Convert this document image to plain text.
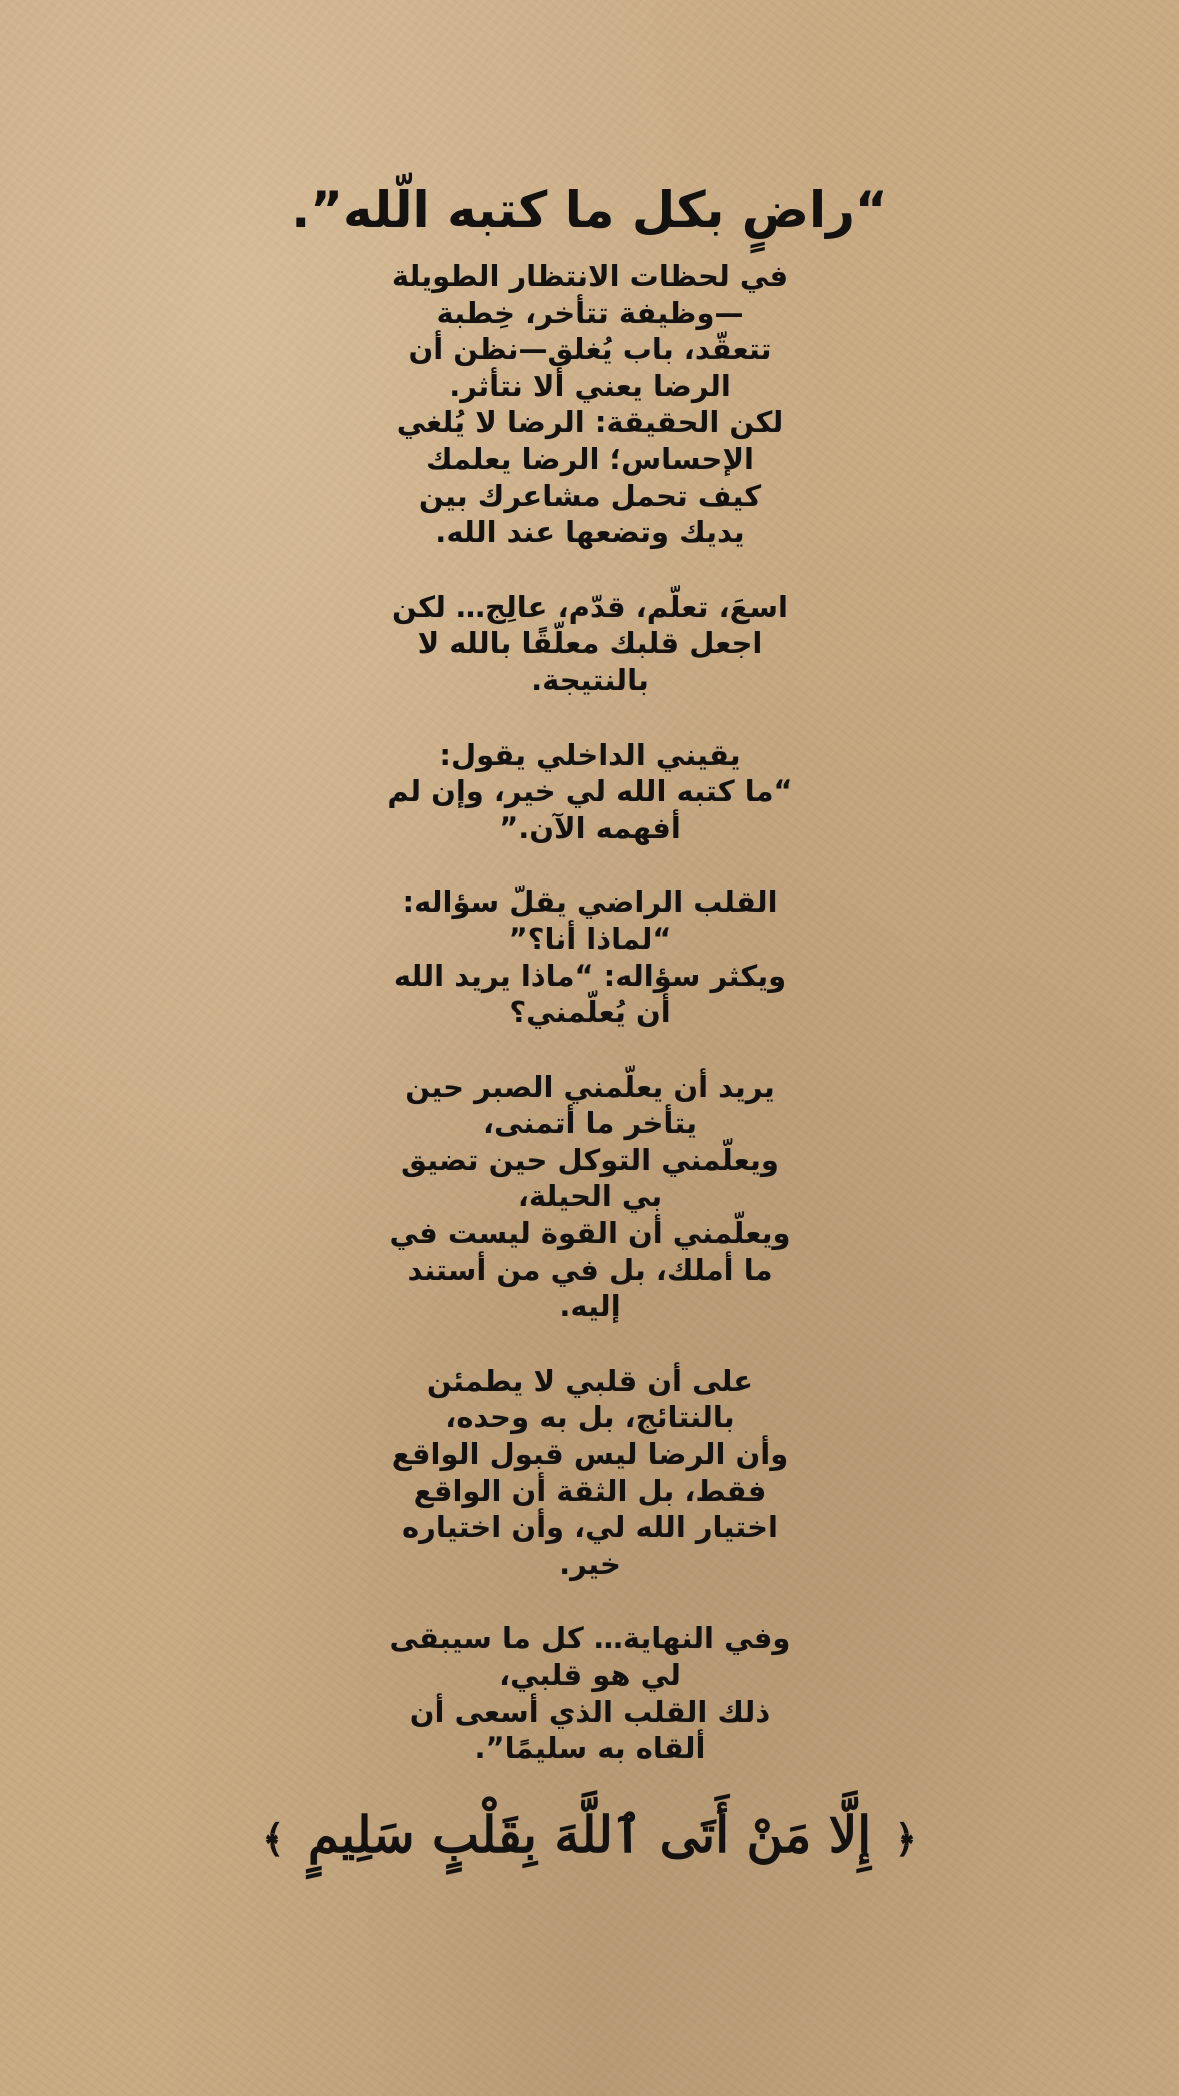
“راضٍ بكل ما كتبه الّله”.
في لحظات الانتظار الطويلة
—وظيفة تتأخر، خِطبة
تتعقّد، باب يُغلق—نظن أن
الرضا يعني ألا نتأثر.
لكن الحقيقة: الرضا لا يُلغي
الإحساس؛ الرضا يعلمك
كيف تحمل مشاعرك بين
يديك وتضعها عند الله.
اسعَ، تعلّم، قدّم، عالِج… لكن
اجعل قلبك معلّقًا بالله لا
بالنتيجة.
يقيني الداخلي يقول:
“ما كتبه الله لي خير، وإن لم
أفهمه الآن.”
القلب الراضي يقلّ سؤاله:
“لماذا أنا؟”
ويكثر سؤاله: “ماذا يريد الله
أن يُعلّمني؟
يريد أن يعلّمني الصبر حين
يتأخر ما أتمنى،
ويعلّمني التوكل حين تضيق
بي الحيلة،
ويعلّمني أن القوة ليست في
ما أملك، بل في من أستند
إليه.
على أن قلبي لا يطمئن
بالنتائج، بل به وحده،
وأن الرضا ليس قبول الواقع
فقط، بل الثقة أن الواقع
اختيار الله لي، وأن اختياره
خير.
وفي النهاية… كل ما سيبقى
لي هو قلبي،
ذلك القلب الذي أسعى أن
ألقاه به سليمًا”.
﴿ إِلَّا مَنْ أَتَى ٱللَّهَ بِقَلْبٍ سَلِيمٍ ﴾
